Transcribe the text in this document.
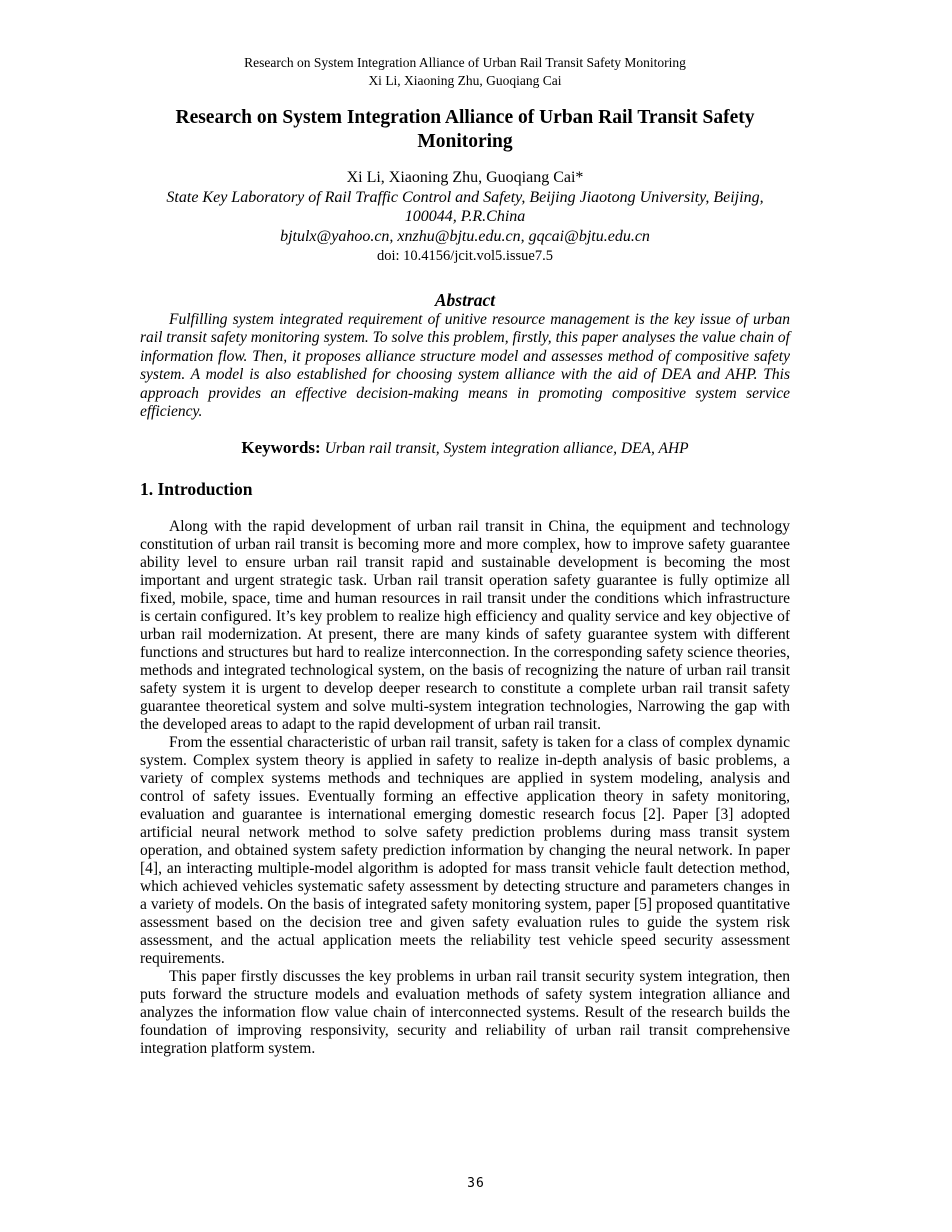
Research on System Integration Alliance of Urban Rail Transit Safety Monitoring
Xi Li, Xiaoning Zhu, Guoqiang Cai
Research on System Integration Alliance of Urban Rail Transit Safety Monitoring
Xi Li, Xiaoning Zhu, Guoqiang Cai*
State Key Laboratory of Rail Traffic Control and Safety, Beijing Jiaotong University, Beijing, 100044, P.R.China
bjtulx@yahoo.cn, xnzhu@bjtu.edu.cn, gqcai@bjtu.edu.cn
doi: 10.4156/jcit.vol5.issue7.5
Abstract

Fulfilling system integrated requirement of unitive resource management is the key issue of urban rail transit safety monitoring system. To solve this problem, firstly, this paper analyses the value chain of information flow. Then, it proposes alliance structure model and assesses method of compositive safety system. A model is also established for choosing system alliance with the aid of DEA and AHP. This approach provides an effective decision-making means in promoting compositive system service efficiency.

Keywords: Urban rail transit, System integration alliance, DEA, AHP
1. Introduction

Along with the rapid development of urban rail transit in China, the equipment and technology constitution of urban rail transit is becoming more and more complex, how to improve safety guarantee ability level to ensure urban rail transit rapid and sustainable development is becoming the most important and urgent strategic task. Urban rail transit operation safety guarantee is fully optimize all fixed, mobile, space, time and human resources in rail transit under the conditions which infrastructure is certain configured. It’s key problem to realize high efficiency and quality service and key objective of urban rail modernization. At present, there are many kinds of safety guarantee system with different functions and structures but hard to realize interconnection. In the corresponding safety science theories, methods and integrated technological system, on the basis of recognizing the nature of urban rail transit safety system it is urgent to develop deeper research to constitute a complete urban rail transit safety guarantee theoretical system and solve multi-system integration technologies, Narrowing the gap with the developed areas to adapt to the rapid development of urban rail transit.

From the essential characteristic of urban rail transit, safety is taken for a class of complex dynamic system. Complex system theory is applied in safety to realize in-depth analysis of basic problems, a variety of complex systems methods and techniques are applied in system modeling, analysis and control of safety issues. Eventually forming an effective application theory in safety monitoring, evaluation and guarantee is international emerging domestic research focus [2]. Paper [3] adopted artificial neural network method to solve safety prediction problems during mass transit system operation, and obtained system safety prediction information by changing the neural network. In paper [4], an interacting multiple-model algorithm is adopted for mass transit vehicle fault detection method, which achieved vehicles systematic safety assessment by detecting structure and parameters changes in a variety of models. On the basis of integrated safety monitoring system, paper [5] proposed quantitative assessment based on the decision tree and given safety evaluation rules to guide the system risk assessment, and the actual application meets the reliability test vehicle speed security assessment requirements.

This paper firstly discusses the key problems in urban rail transit security system integration, then puts forward the structure models and evaluation methods of safety system integration alliance and analyzes the information flow value chain of interconnected systems. Result of the research builds the foundation of improving responsivity, security and reliability of urban rail transit comprehensive integration platform system.

36
